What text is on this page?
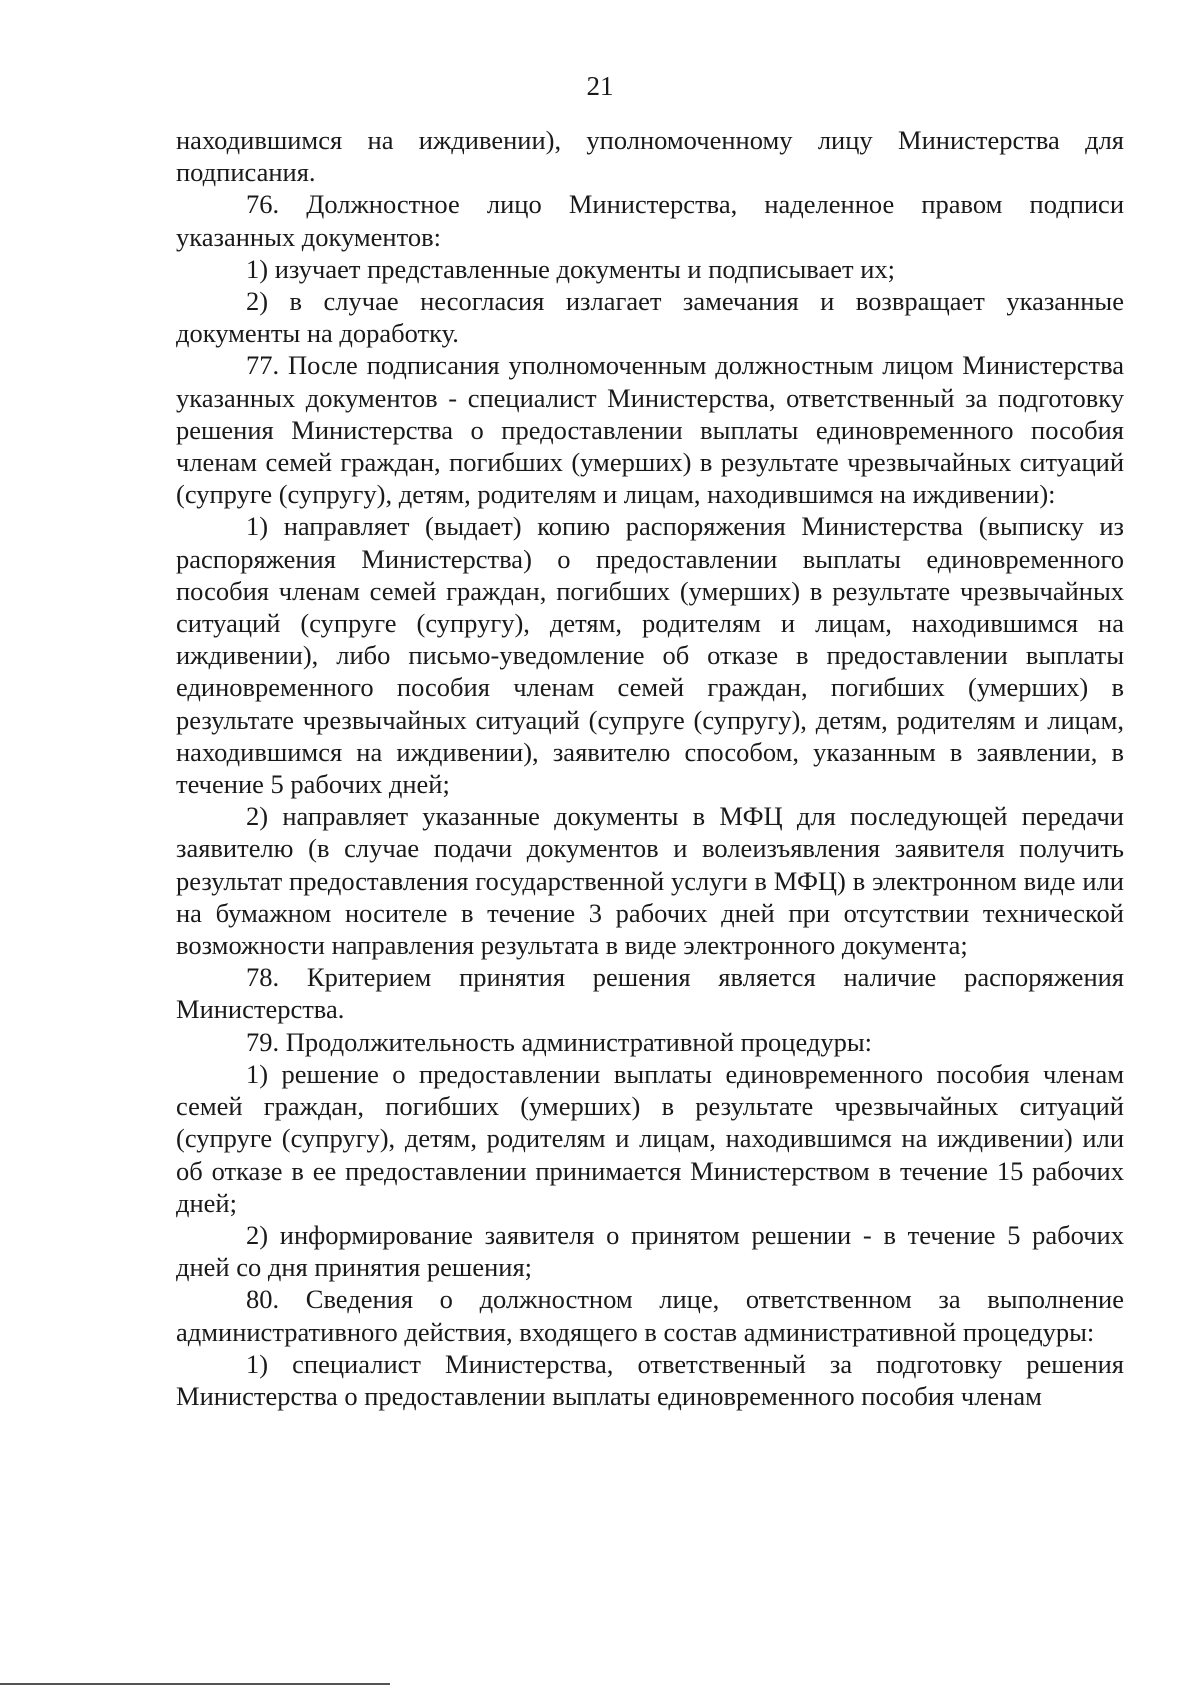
21

находившимся на иждивении), уполномоченному лицу Министерства для подписания.

76. Должностное лицо Министерства, наделенное правом подписи указанных документов:

1) изучает представленные документы и подписывает их;

2) в случае несогласия излагает замечания и возвращает указанные документы на доработку.

77. После подписания уполномоченным должностным лицом Министерства указанных документов - специалист Министерства, ответственный за подготовку решения Министерства о предоставлении выплаты единовременного пособия членам семей граждан, погибших (умерших) в результате чрезвычайных ситуаций (супруге (супругу), детям, родителям и лицам, находившимся на иждивении):

1) направляет (выдает) копию распоряжения Министерства (выписку из распоряжения Министерства) о предоставлении выплаты единовременного пособия членам семей граждан, погибших (умерших) в результате чрезвычайных ситуаций (супруге (супругу), детям, родителям и лицам, находившимся на иждивении), либо письмо-уведомление об отказе в предоставлении выплаты единовременного пособия членам семей граждан, погибших (умерших) в результате чрезвычайных ситуаций (супруге (супругу), детям, родителям и лицам, находившимся на иждивении), заявителю способом, указанным в заявлении, в течение 5 рабочих дней;

2) направляет указанные документы в МФЦ для последующей передачи заявителю (в случае подачи документов и волеизъявления заявителя получить результат предоставления государственной услуги в МФЦ) в электронном виде или на бумажном носителе в течение 3 рабочих дней при отсутствии технической возможности направления результата в виде электронного документа;

78. Критерием принятия решения является наличие распоряжения Министерства.

79. Продолжительность административной процедуры:

1) решение о предоставлении выплаты единовременного пособия членам семей граждан, погибших (умерших) в результате чрезвычайных ситуаций (супруге (супругу), детям, родителям и лицам, находившимся на иждивении) или об отказе в ее предоставлении принимается Министерством в течение 15 рабочих дней;

2) информирование заявителя о принятом решении - в течение 5 рабочих дней со дня принятия решения;

80. Сведения о должностном лице, ответственном за выполнение административного действия, входящего в состав административной процедуры:

1) специалист Министерства, ответственный за подготовку решения Министерства о предоставлении выплаты единовременного пособия членам
